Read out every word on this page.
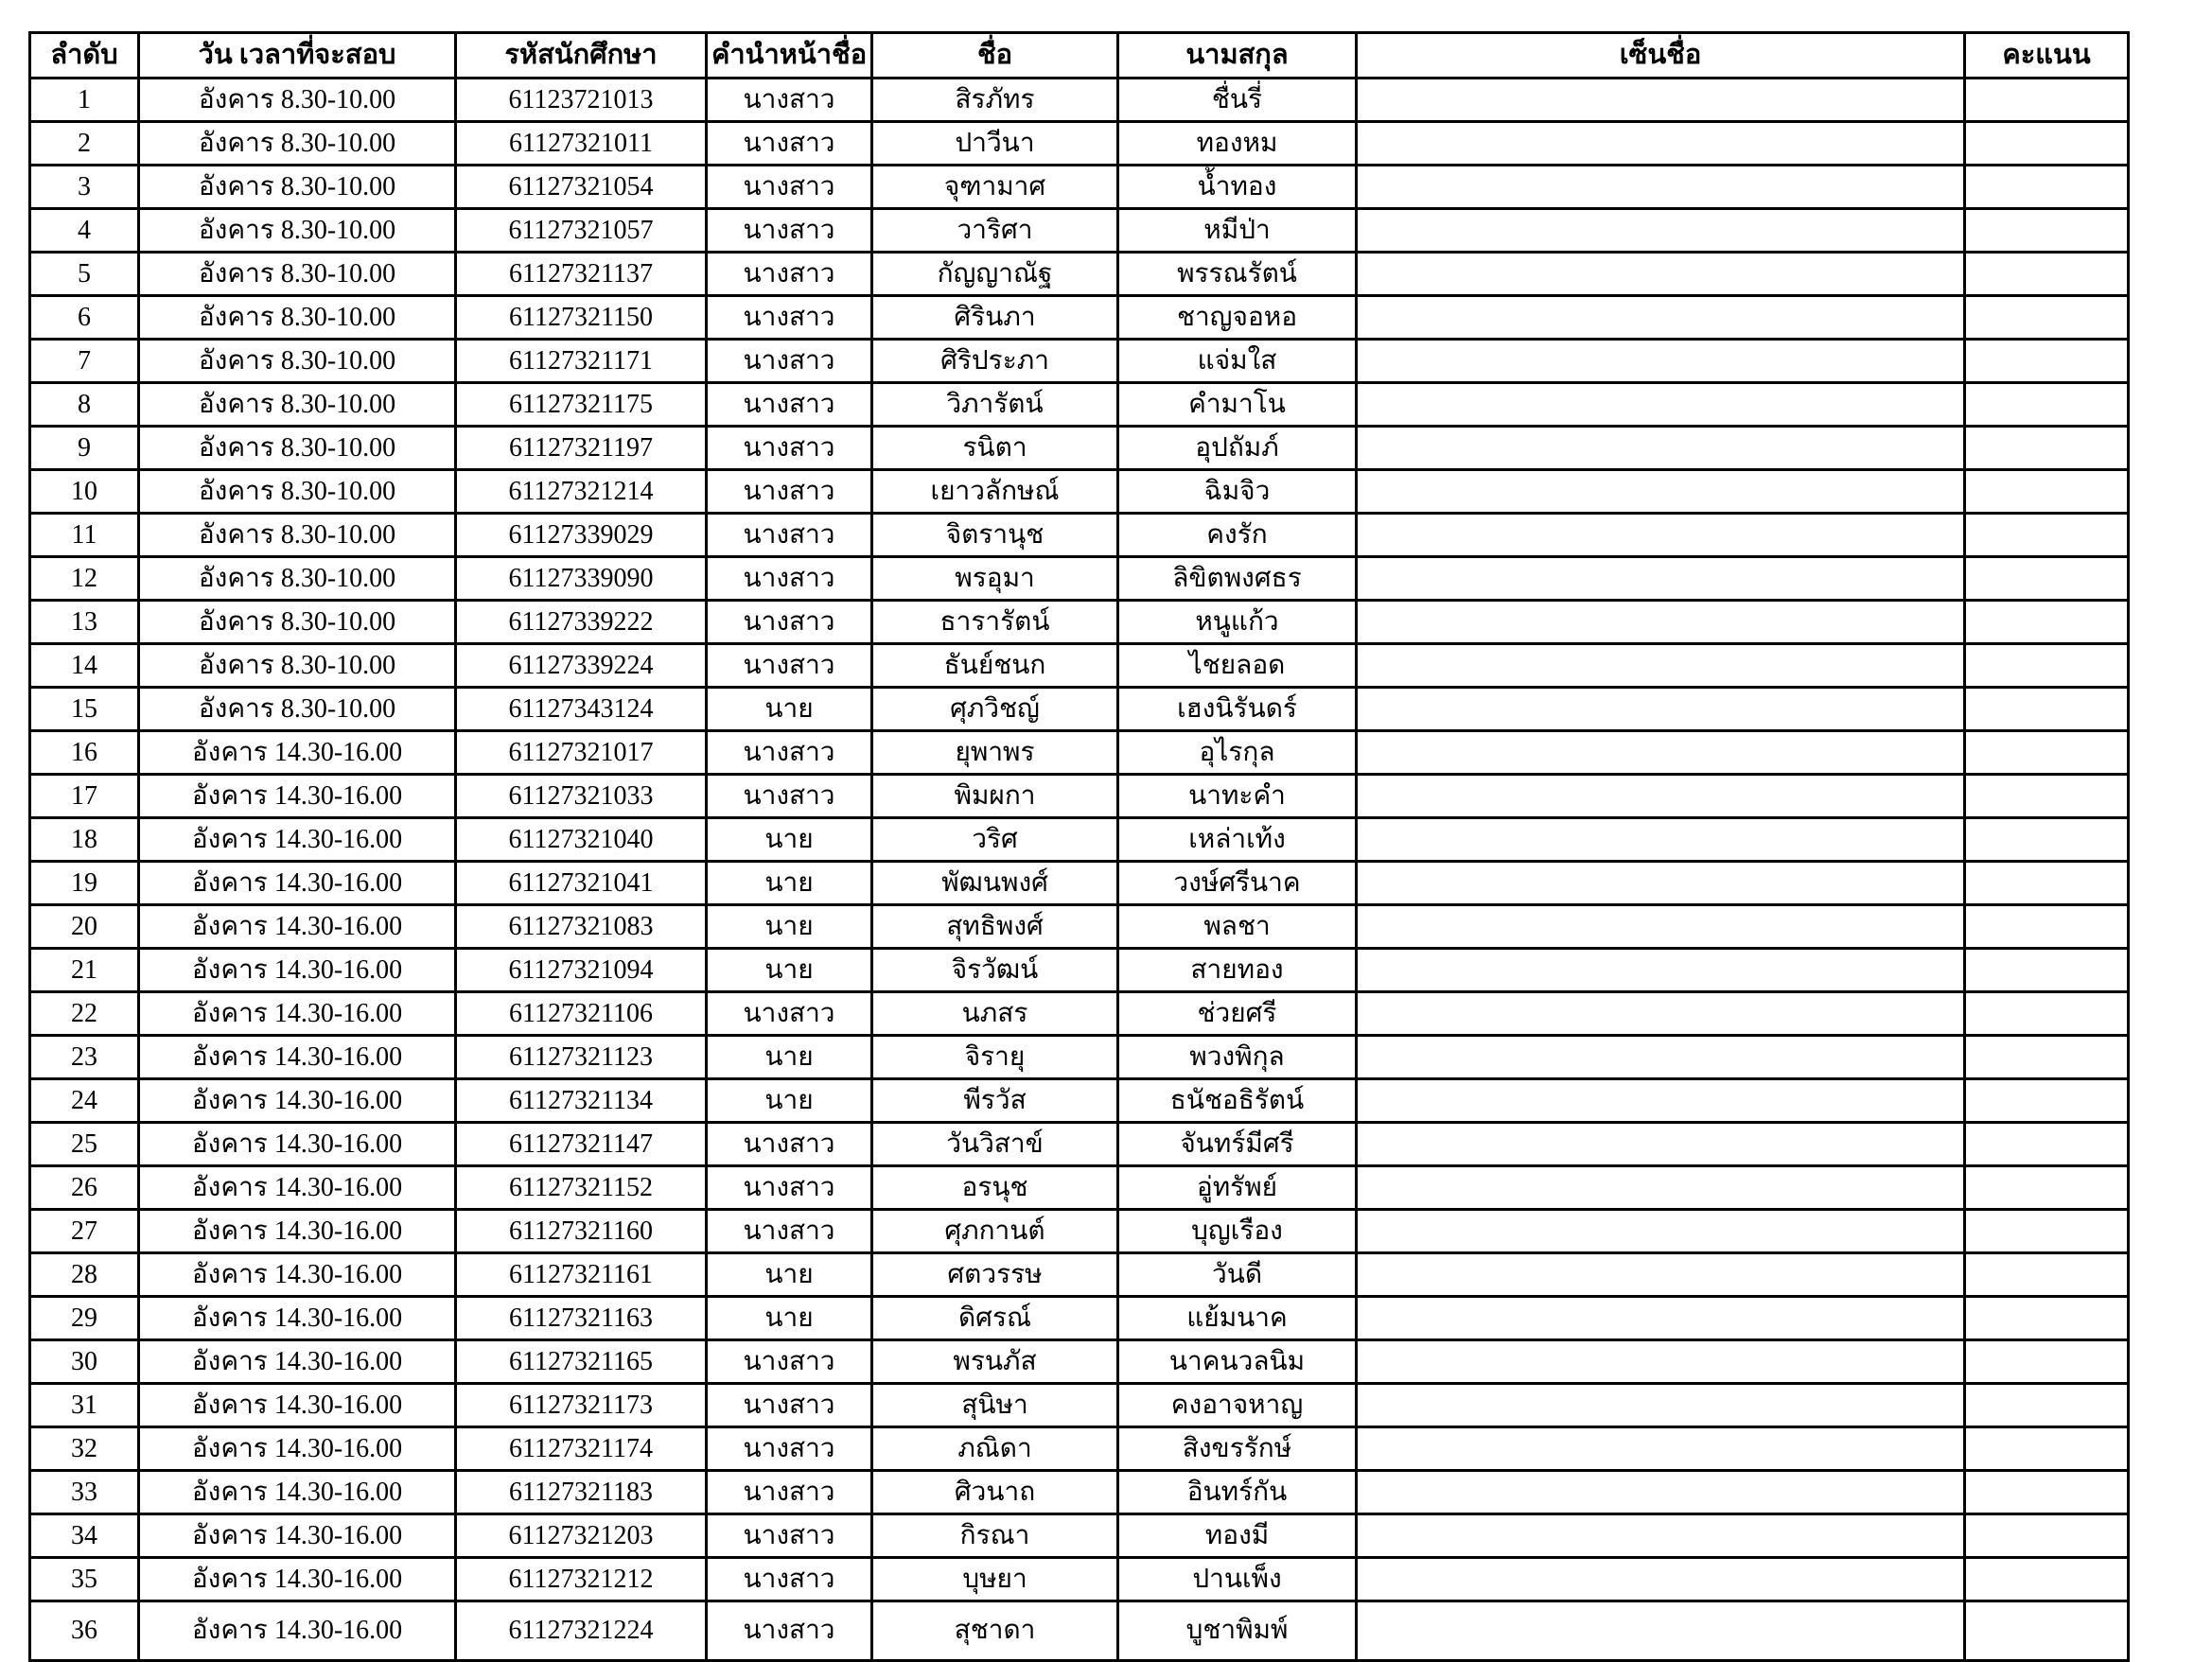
ลำดับ	วัน เวลาที่จะสอบ	รหัสนักศึกษา	คำนำหน้าชื่อ	ชื่อ	นามสกุล	เซ็นชื่อ	คะแนน
1	อังคาร 8.30-10.00	61123721013	นางสาว	สิรภัทร	ชื่นรี่		
2	อังคาร 8.30-10.00	61127321011	นางสาว	ปาวีนา	ทองหม		
3	อังคาร 8.30-10.00	61127321054	นางสาว	จุฑามาศ	น้ำทอง		
4	อังคาร 8.30-10.00	61127321057	นางสาว	วาริศา	หมีป่า		
5	อังคาร 8.30-10.00	61127321137	นางสาว	กัญญาณัฐ	พรรณรัตน์		
6	อังคาร 8.30-10.00	61127321150	นางสาว	ศิรินภา	ชาญจอหอ		
7	อังคาร 8.30-10.00	61127321171	นางสาว	ศิริประภา	แจ่มใส		
8	อังคาร 8.30-10.00	61127321175	นางสาว	วิภารัตน์	คำมาโน		
9	อังคาร 8.30-10.00	61127321197	นางสาว	รนิตา	อุปถัมภ์		
10	อังคาร 8.30-10.00	61127321214	นางสาว	เยาวลักษณ์	ฉิมจิว		
11	อังคาร 8.30-10.00	61127339029	นางสาว	จิตรานุช	คงรัก		
12	อังคาร 8.30-10.00	61127339090	นางสาว	พรอุมา	ลิขิตพงศธร		
13	อังคาร 8.30-10.00	61127339222	นางสาว	ธารารัตน์	หนูแก้ว		
14	อังคาร 8.30-10.00	61127339224	นางสาว	ธันย์ชนก	ไชยลอด		
15	อังคาร 8.30-10.00	61127343124	นาย	ศุภวิชญ์	เฮงนิรันดร์		
16	อังคาร 14.30-16.00	61127321017	นางสาว	ยุพาพร	อุไรกุล		
17	อังคาร 14.30-16.00	61127321033	นางสาว	พิมผกา	นาทะคำ		
18	อังคาร 14.30-16.00	61127321040	นาย	วริศ	เหล่าเท้ง		
19	อังคาร 14.30-16.00	61127321041	นาย	พัฒนพงศ์	วงษ์ศรีนาค		
20	อังคาร 14.30-16.00	61127321083	นาย	สุทธิพงศ์	พลชา		
21	อังคาร 14.30-16.00	61127321094	นาย	จิรวัฒน์	สายทอง		
22	อังคาร 14.30-16.00	61127321106	นางสาว	นภสร	ช่วยศรี		
23	อังคาร 14.30-16.00	61127321123	นาย	จิรายุ	พวงพิกุล		
24	อังคาร 14.30-16.00	61127321134	นาย	พีรวัส	ธนัชอธิรัตน์		
25	อังคาร 14.30-16.00	61127321147	นางสาว	วันวิสาข์	จันทร์มีศรี		
26	อังคาร 14.30-16.00	61127321152	นางสาว	อรนุช	อู่ทรัพย์		
27	อังคาร 14.30-16.00	61127321160	นางสาว	ศุภกานต์	บุญเรือง		
28	อังคาร 14.30-16.00	61127321161	นาย	ศตวรรษ	วันดี		
29	อังคาร 14.30-16.00	61127321163	นาย	ดิศรณ์	แย้มนาค		
30	อังคาร 14.30-16.00	61127321165	นางสาว	พรนภัส	นาคนวลนิม		
31	อังคาร 14.30-16.00	61127321173	นางสาว	สุนิษา	คงอาจหาญ		
32	อังคาร 14.30-16.00	61127321174	นางสาว	ภณิดา	สิงขรรักษ์		
33	อังคาร 14.30-16.00	61127321183	นางสาว	ศิวนาถ	อินทร์กัน		
34	อังคาร 14.30-16.00	61127321203	นางสาว	กิรณา	ทองมี		
35	อังคาร 14.30-16.00	61127321212	นางสาว	บุษยา	ปานเพ็ง		
36	อังคาร 14.30-16.00	61127321224	นางสาว	สุชาดา	บูชาพิมพ์		
